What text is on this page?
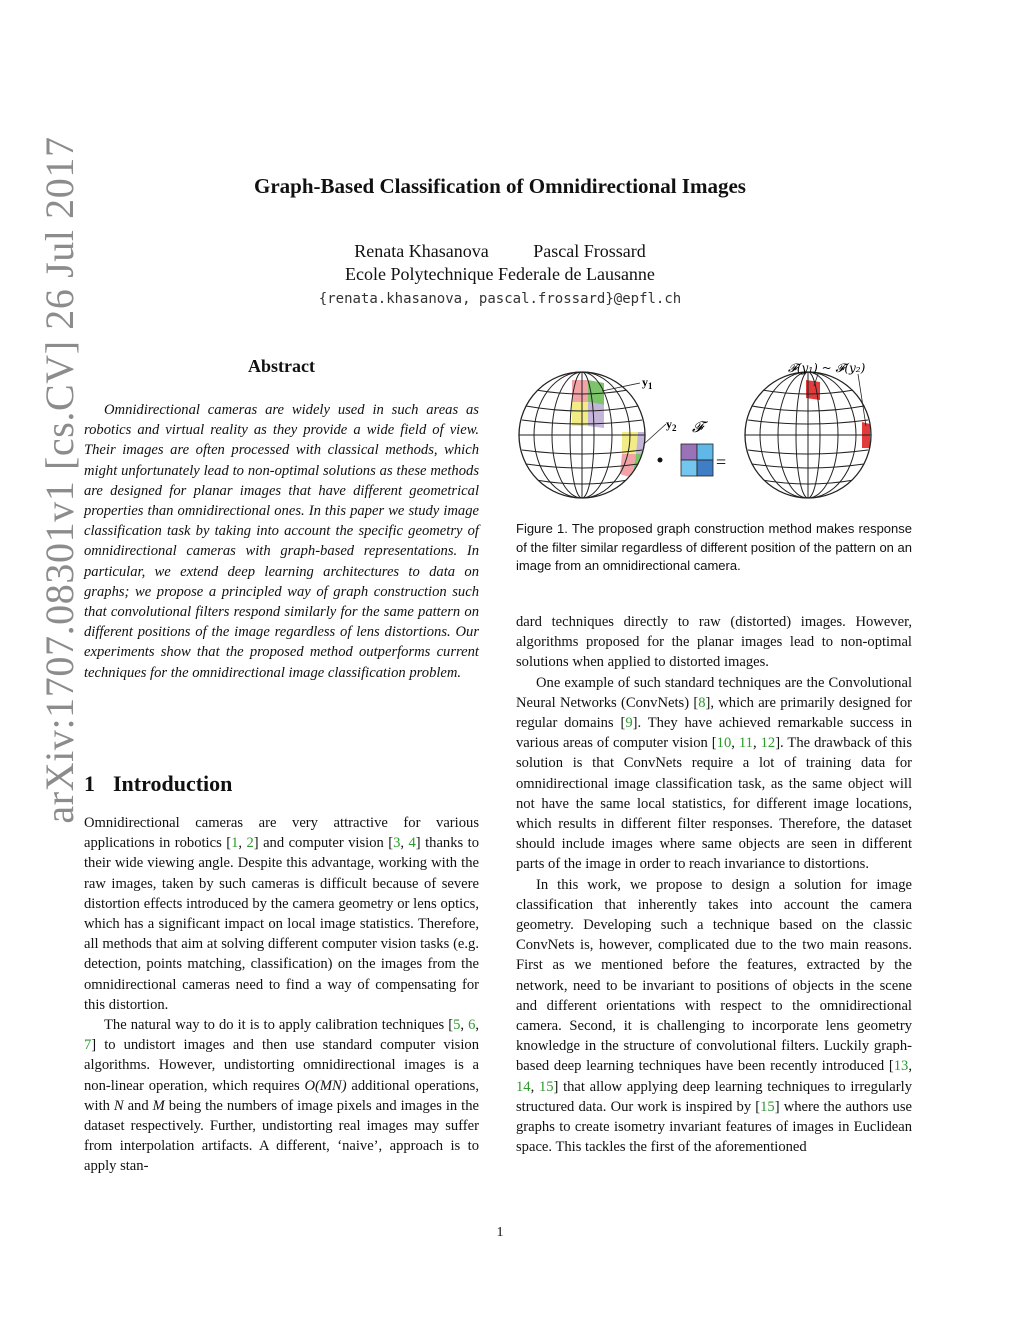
arXiv:1707.08301v1 [cs.CV] 26 Jul 2017	Graph-Based Classification of Omnidirectional Images
Renata Khasanova Pascal Frossard
Ecole Polytechnique Federale de Lausanne
{renata.khasanova, pascal.frossard}@epfl.ch
Abstract

Omnidirectional cameras are widely used in such areas as robotics and virtual reality as they provide a wide field of view. Their images are often processed with classical methods, which might unfortunately lead to non-optimal solutions as these methods are designed for planar images that have different geometrical properties than omnidirectional ones. In this paper we study image classification task by taking into account the specific geometry of omnidirectional cameras with graph-based representations. In particular, we extend deep learning architectures to data on graphs; we propose a principled way of graph construction such that convolutional filters respond similarly for the same pattern on different positions of the image regardless of lens distortions. Our experiments show that the proposed method outperforms current techniques for the omnidirectional image classification problem.

1 Introduction

Omnidirectional cameras are very attractive for various applications in robotics [1, 2] and computer vision [3, 4] thanks to their wide viewing angle. Despite this advantage, working with the raw images, taken by such cameras is difficult because of severe distortion effects introduced by the camera geometry or lens optics, which has a significant impact on local image statistics. Therefore, all methods that aim at solving different computer vision tasks (e.g. detection, points matching, classification) on the images from the omnidirectional cameras need to find a way of compensating for this distortion.

The natural way to do it is to apply calibration techniques [5, 6, 7] to undistort images and then use standard computer vision algorithms. However, undistorting omnidirectional images is a non-linear operation, which requires O(MN) additional operations, with N and M being the numbers of image pixels and images in the dataset respectively. Further, undistorting real images may suffer from interpolation artifacts. A different, ‘naive’, approach is to apply stan-

$y_1$
$y_2$ 𝓕
=
𝓕(y₁) ~ 𝓕(y₂)
Figure 1. The proposed graph construction method makes response of the filter similar regardless of different position of the pattern on an image from an omnidirectional camera.

dard techniques directly to raw (distorted) images. However, algorithms proposed for the planar images lead to non-optimal solutions when applied to distorted images.

One example of such standard techniques are the Convolutional Neural Networks (ConvNets) [8], which are primarily designed for regular domains [9]. They have achieved remarkable success in various areas of computer vision [10, 11, 12]. The drawback of this solution is that ConvNets require a lot of training data for omnidirectional image classification task, as the same object will not have the same local statistics, for different image locations, which results in different filter responses. Therefore, the dataset should include images where same objects are seen in different parts of the image in order to reach invariance to distortions.

In this work, we propose to design a solution for image classification that inherently takes into account the camera geometry. Developing such a technique based on the classic ConvNets is, however, complicated due to the two main reasons. First as we mentioned before the features, extracted by the network, need to be invariant to positions of objects in the scene and different orientations with respect to the omnidirectional camera. Second, it is challenging to incorporate lens geometry knowledge in the structure of convolutional filters. Luckily graph-based deep learning techniques have been recently introduced [13, 14, 15] that allow applying deep learning techniques to irregularly structured data. Our work is inspired by [15] where the authors use graphs to create isometry invariant features of images in Euclidean space. This tackles the first of the aforementioned

1
